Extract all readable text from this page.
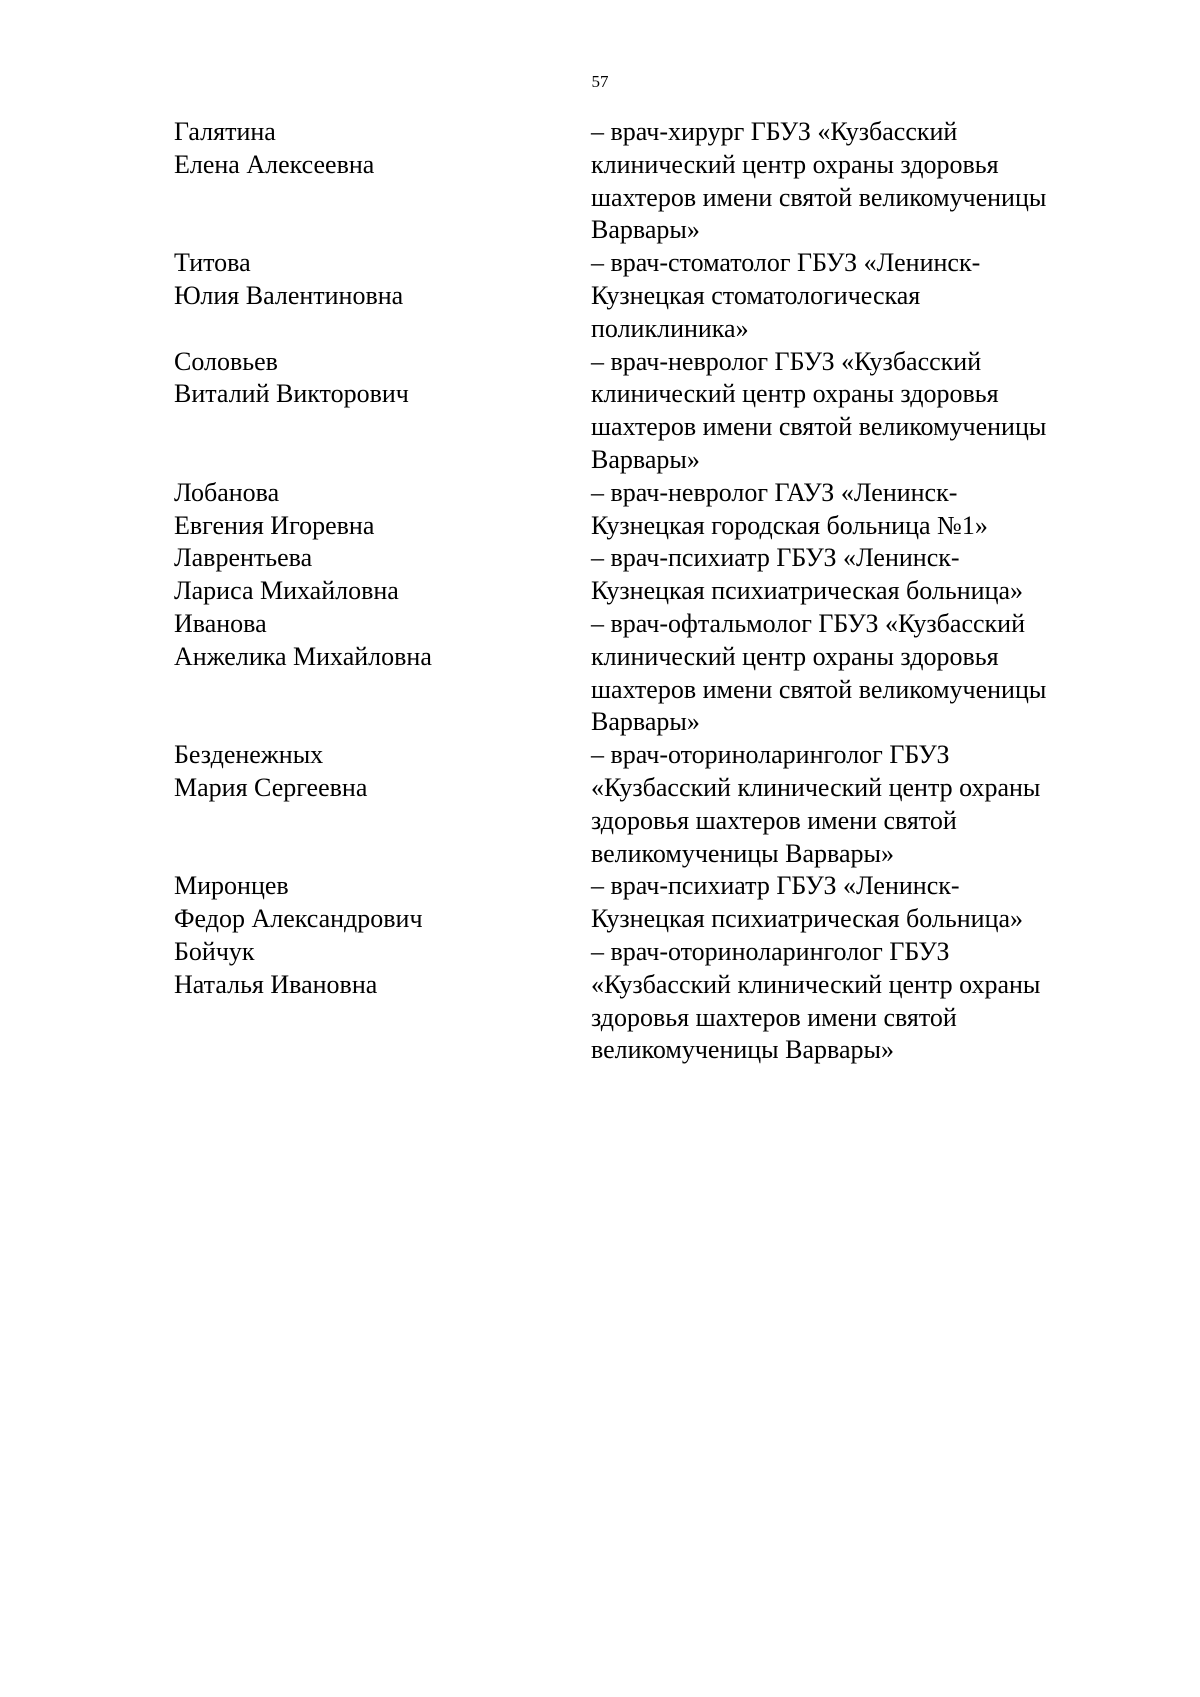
57
Галятина
Елена Алексеевна
– врач-хирург ГБУЗ «Кузбасский
клинический центр охраны здоровья
шахтеров имени святой великомученицы
Варвары»
Титова
Юлия Валентиновна
– врач-стоматолог ГБУЗ «Ленинск-
Кузнецкая стоматологическая
поликлиника»
Соловьев
Виталий Викторович
– врач-невролог ГБУЗ «Кузбасский
клинический центр охраны здоровья
шахтеров имени святой великомученицы
Варвары»
Лобанова
Евгения Игоревна
– врач-невролог ГАУЗ «Ленинск-
Кузнецкая городская больница №1»
Лаврентьева
Лариса Михайловна
– врач-психиатр ГБУЗ «Ленинск-
Кузнецкая психиатрическая больница»
Иванова
Анжелика Михайловна
– врач-офтальмолог ГБУЗ «Кузбасский
клинический центр охраны здоровья
шахтеров имени святой великомученицы
Варвары»
Безденежных
Мария Сергеевна
– врач-оториноларинголог ГБУЗ
«Кузбасский клинический центр охраны
здоровья шахтеров имени святой
великомученицы Варвары»
Миронцев
Федор Александрович
– врач-психиатр ГБУЗ «Ленинск-
Кузнецкая психиатрическая больница»
Бойчук
Наталья Ивановна
– врач-оториноларинголог ГБУЗ
«Кузбасский клинический центр охраны
здоровья шахтеров имени святой
великомученицы Варвары»
